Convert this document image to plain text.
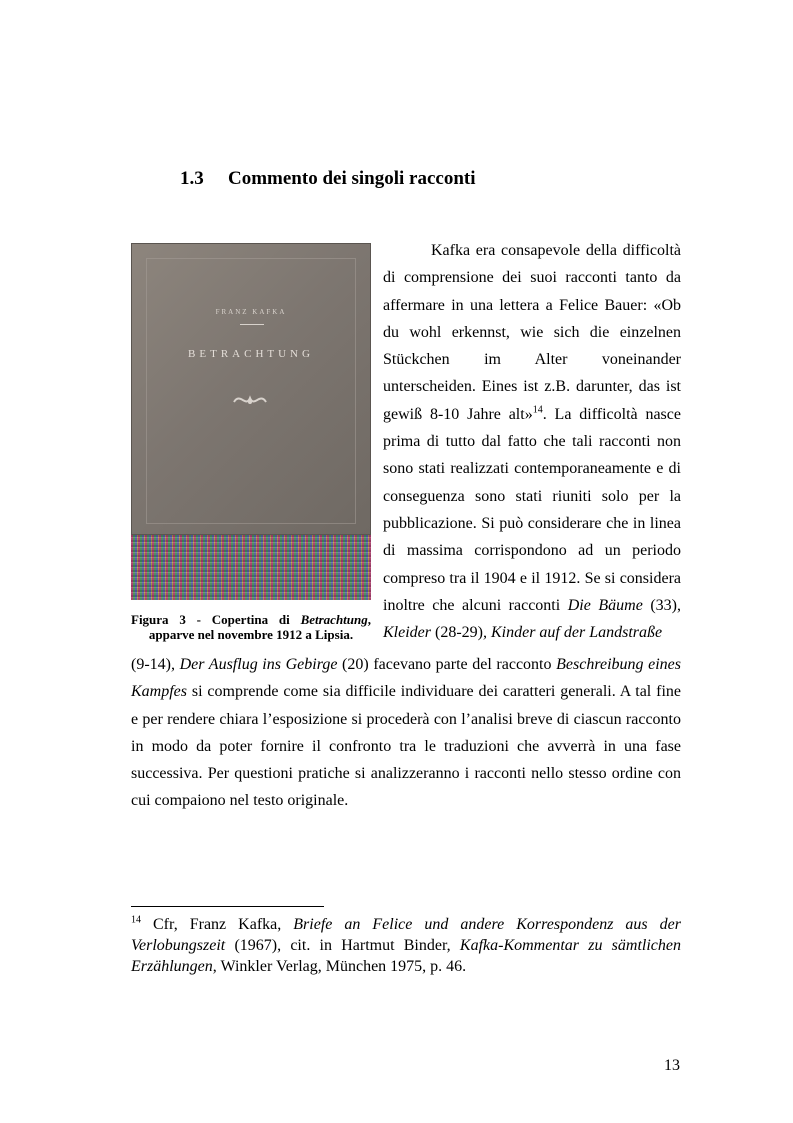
1.3 Commento dei singoli racconti
FRANZ KAFKA
BETRACHTUNG
Figura 3 - Copertina di Betrachtung, apparve nel novembre 1912 a Lipsia.

Kafka era consapevole della difficoltà di comprensione dei suoi racconti tanto da affermare in una lettera a Felice Bauer: «Ob du wohl erkennst, wie sich die einzelnen Stückchen im Alter voneinander unterscheiden. Eines ist z.B. darunter, das ist gewiß 8-10 Jahre alt»$^{14}$. La difficoltà nasce prima di tutto dal fatto che tali racconti non sono stati realizzati contemporaneamente e di conseguenza sono stati riuniti solo per la pubblicazione. Si può considerare che in linea di massima corrispondono ad un periodo compreso tra il 1904 e il 1912. Se si considera inoltre che alcuni racconti Die Bäume (33), Kleider (28-29), Kinder auf der Landstraße

(9-14), Der Ausflug ins Gebirge (20) facevano parte del racconto Beschreibung eines Kampfes si comprende come sia difficile individuare dei caratteri generali. A tal fine e per rendere chiara l’esposizione si procederà con l’analisi breve di ciascun racconto in modo da poter fornire il confronto tra le traduzioni che avverrà in una fase successiva. Per questioni pratiche si analizzeranno i racconti nello stesso ordine con cui compaiono nel testo originale.

$^{14}$ Cfr, Franz Kafka, Briefe an Felice und andere Korrespondenz aus der Verlobungszeit (1967), cit. in Hartmut Binder, Kafka-Kommentar zu sämtlichen Erzählungen, Winkler Verlag, München 1975, p. 46.
13
